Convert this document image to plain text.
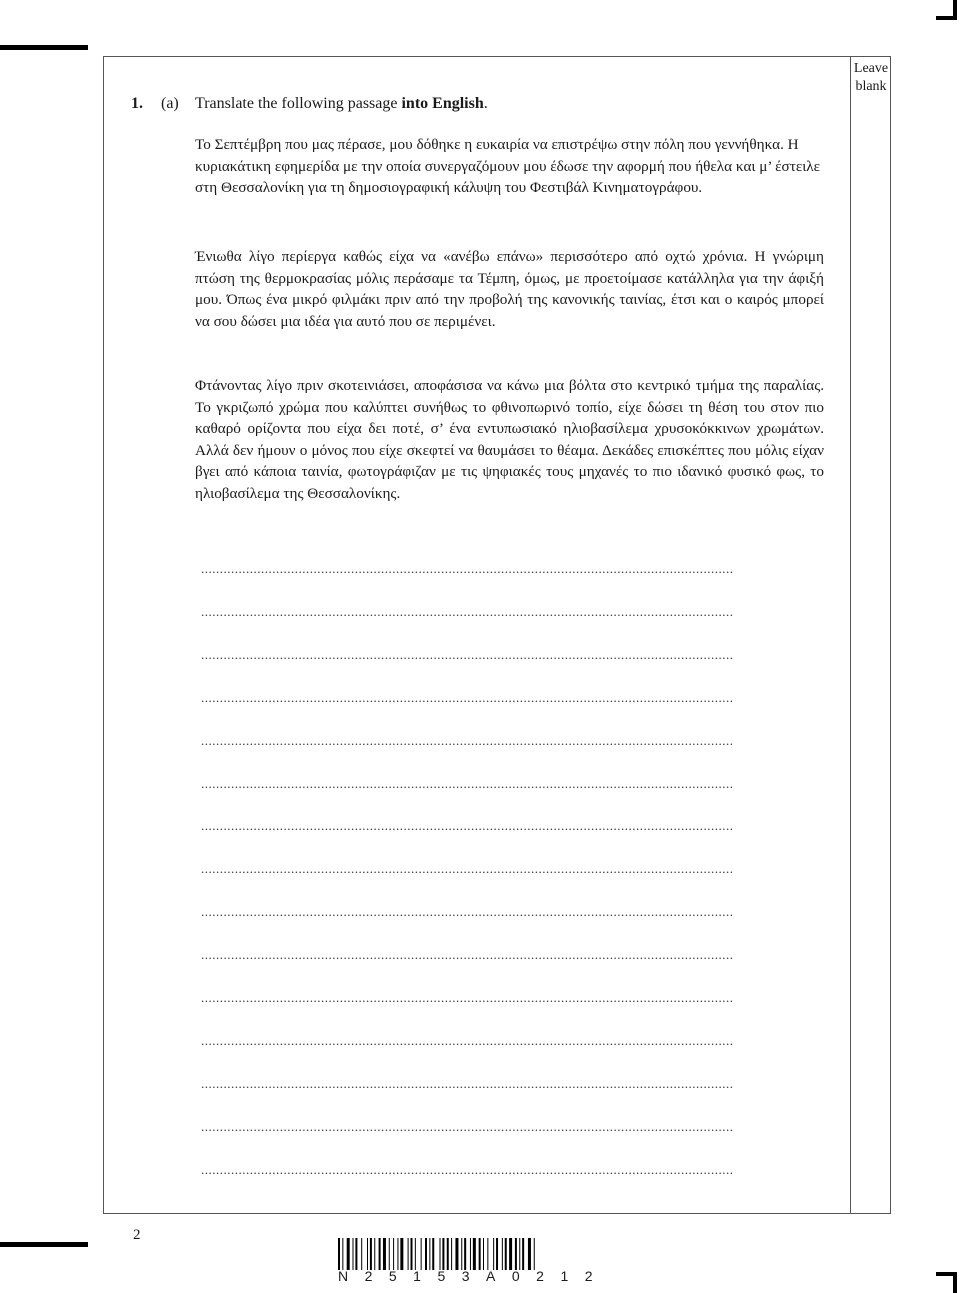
Leave
blank
1. (a) Translate the following passage into English.
Το Σεπτέμβρη που μας πέρασε, μου δόθηκε η ευκαιρία να επιστρέψω στην πόλη που γεννήθηκα. Η κυριακάτικη εφημερίδα με την οποία συνεργαζόμουν μου έδωσε την αφορμή που ήθελα και μ’ έστειλε στη Θεσσαλονίκη για τη δημοσιογραφική κάλυψη του Φεστιβάλ Κινηματογράφου.
Ένιωθα λίγο περίεργα καθώς είχα να «ανέβω επάνω» περισσότερο από οχτώ χρόνια. Η γνώριμη πτώση της θερμοκρασίας μόλις περάσαμε τα Τέμπη, όμως, με προετοίμασε κατάλληλα για την άφιξή μου. Όπως ένα μικρό φιλμάκι πριν από την προβολή της κανονικής ταινίας, έτσι και ο καιρός μπορεί να σου δώσει μια ιδέα για αυτό που σε περιμένει.
Φτάνοντας λίγο πριν σκοτεινιάσει, αποφάσισα να κάνω μια βόλτα στο κεντρικό τμήμα της παραλίας. Το γκριζωπό χρώμα που καλύπτει συνήθως το φθινοπωρινό τοπίο, είχε δώσει τη θέση του στον πιο καθαρό ορίζοντα που είχα δει ποτέ, σ’ ένα εντυπωσιακό ηλιοβασίλεμα χρυσοκόκκινων χρωμάτων. Αλλά δεν ήμουν ο μόνος που είχε σκεφτεί να θαυμάσει το θέαμα. Δεκάδες επισκέπτες που μόλις είχαν βγει από κάποια ταινία, φωτογράφιζαν με τις ψηφιακές τους μηχανές το πιο ιδανικό φυσικό φως, το ηλιοβασίλεμα της Θεσσαλονίκης.
..............................................................................................................................................
..............................................................................................................................................
..............................................................................................................................................
..............................................................................................................................................
..............................................................................................................................................
..............................................................................................................................................
..............................................................................................................................................
..............................................................................................................................................
..............................................................................................................................................
..............................................................................................................................................
..............................................................................................................................................
..............................................................................................................................................
..............................................................................................................................................
..............................................................................................................................................
..............................................................................................................................................
2
N25153A0212
